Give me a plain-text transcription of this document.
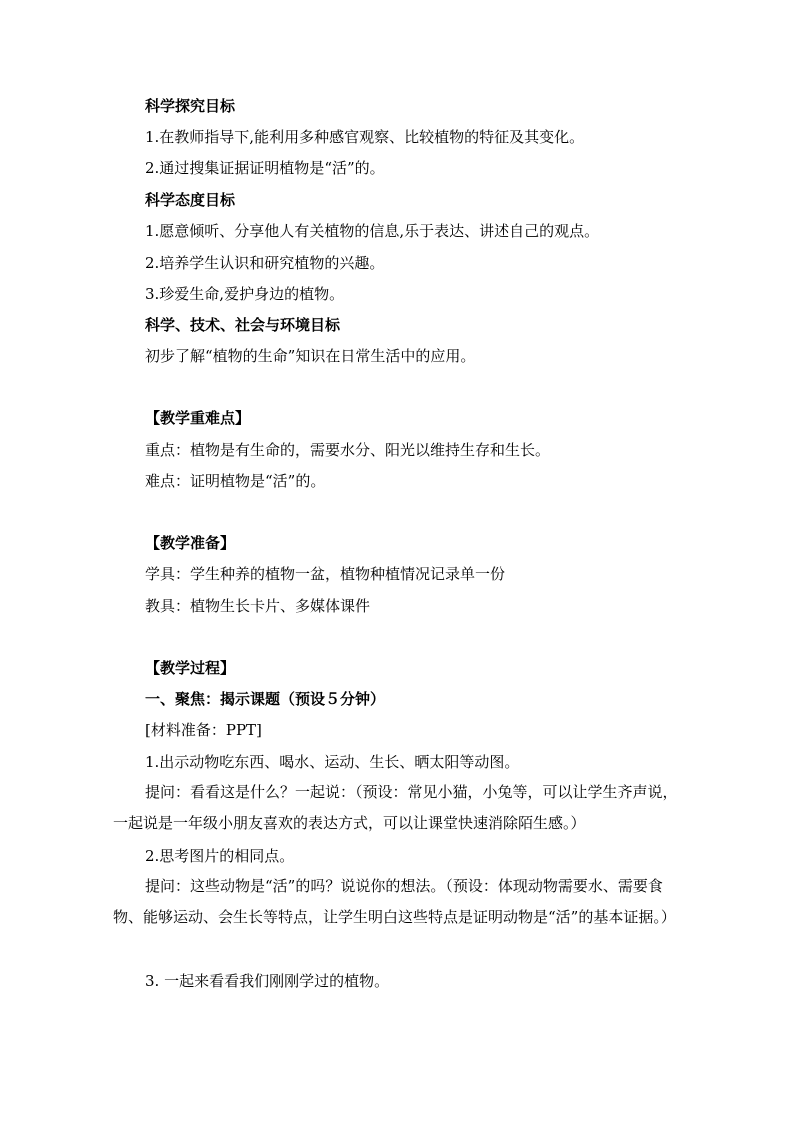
科学探究目标
1.在教师指导下,能利用多种感官观察、比较植物的特征及其变化。
2.通过搜集证据证明植物是“活”的。
科学态度目标
1.愿意倾听、分享他人有关植物的信息,乐于表达、讲述自己的观点。
2.培养学生认识和研究植物的兴趣。
3.珍爱生命,爱护身边的植物。
科学、技术、社会与环境目标
初步了解“植物的生命”知识在日常生活中的应用。
【教学重难点】
重点：植物是有生命的，需要水分、阳光以维持生存和生长。
难点：证明植物是“活”的。
【教学准备】
学具：学生种养的植物一盆，植物种植情况记录单一份
教具：植物生长卡片、多媒体课件
【教学过程】
一、聚焦：揭示课题（预设５分钟）
[材料准备：PPT]
1.出示动物吃东西、喝水、运动、生长、晒太阳等动图。
提问：看看这是什么？一起说：（预设：常见小猫，小兔等，可以让学生齐声说，一起说是一年级小朋友喜欢的表达方式，可以让课堂快速消除陌生感。）
2.思考图片的相同点。
提问：这些动物是“活”的吗？说说你的想法。（预设：体现动物需要水、需要食物、能够运动、会生长等特点，让学生明白这些特点是证明动物是“活”的基本证据。）
3. 一起来看看我们刚刚学过的植物。
